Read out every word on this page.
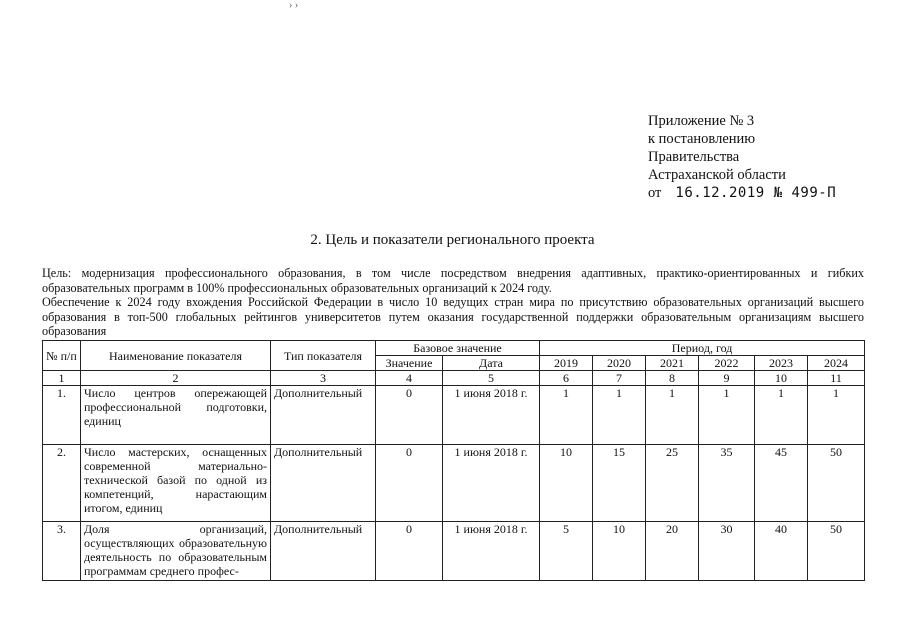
› ›
Приложение № 3
к постановлению
Правительства
Астраханской области
от 16.12.2019 № 499-П
2. Цель и показатели регионального проекта

Цель: модернизация профессионального образования, в том числе посредством внедрения адаптивных, практико-ориентированных и гибких образовательных программ в 100% профессиональных образовательных организаций к 2024 году.

Обеспечение к 2024 году вхождения Российской Федерации в число 10 ведущих стран мира по присутствию образовательных организаций высшего образования в топ-500 глобальных рейтингов университетов путем оказания государственной поддержки образовательным организациям высшего образования

№ п/п	Наименование показателя	Тип показателя	Базовое значение		Период, год					
			Значение	Дата	2019	2020	2021	2022	2023	2024
1	2	3	4	5	6	7	8	9	10	11
1.	Число центров опережающей профессиональной подготовки, единиц	Дополнительный	0	1 июня 2018 г.	1	1	1	1	1	1
2.	Число мастерских, оснащенных современной материально-технической базой по одной из компетенций, нарастающим итогом, единиц	Дополнительный	0	1 июня 2018 г.	10	15	25	35	45	50
3.	Доля организаций, осуществляющих образовательную деятельность по образовательным программам среднего профес-	Дополнительный	0	1 июня 2018 г.	5	10	20	30	40	50
